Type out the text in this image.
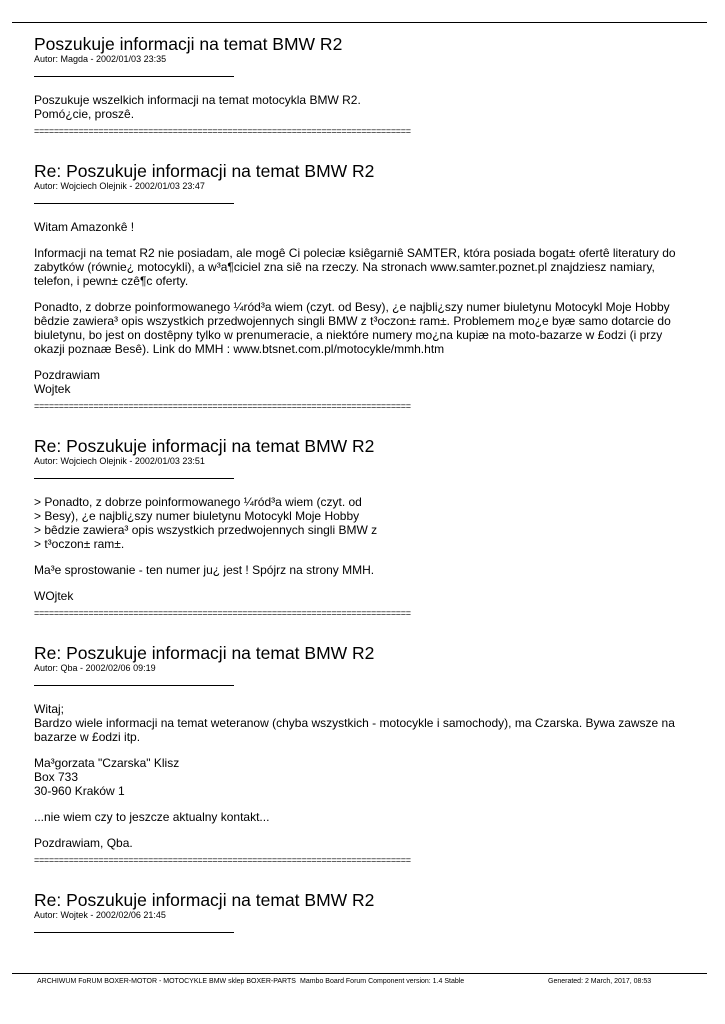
Poszukuje informacji na temat BMW R2
Autor: Magda - 2002/01/03 23:35

Poszukuje wszelkich informacji na temat motocykla BMW R2.
Pomó¿cie, proszê.

============================================================================
Re: Poszukuje informacji na temat BMW R2
Autor: Wojciech Olejnik - 2002/01/03 23:47

Witam Amazonkê !

Informacji na temat R2 nie posiadam, ale mogê Ci poleciæ ksiêgarniê SAMTER, która posiada bogat± ofertê literatury do zabytków (równie¿ motocykli), a w³a¶ciciel zna siê na rzeczy. Na stronach www.samter.poznet.pl znajdziesz namiary, telefon, i pewn± czê¶c oferty.

Ponadto, z dobrze poinformowanego ¼ród³a wiem (czyt. od Besy), ¿e najbli¿szy numer biuletynu Motocykl Moje Hobby bêdzie zawiera³ opis wszystkich przedwojennych singli BMW z t³oczon± ram±. Problemem mo¿e byæ samo dotarcie do biuletynu, bo jest on dostêpny tylko w prenumeracie, a niektóre numery mo¿na kupiæ na moto-bazarze w £odzi (i przy okazji poznaæ Besê). Link do MMH : www.btsnet.com.pl/motocykle/mmh.htm

Pozdrawiam
Wojtek

============================================================================
Re: Poszukuje informacji na temat BMW R2
Autor: Wojciech Olejnik - 2002/01/03 23:51

> Ponadto, z dobrze poinformowanego ¼ród³a wiem (czyt. od
> Besy), ¿e najbli¿szy numer biuletynu Motocykl Moje Hobby
> bêdzie zawiera³ opis wszystkich przedwojennych singli BMW z
> t³oczon± ram±.

Ma³e sprostowanie - ten numer ju¿ jest ! Spójrz na strony MMH.

WOjtek

============================================================================
Re: Poszukuje informacji na temat BMW R2
Autor: Qba - 2002/02/06 09:19

Witaj;
Bardzo wiele informacji na temat weteranow (chyba wszystkich - motocykle i samochody), ma Czarska. Bywa zawsze na bazarze w £odzi itp.

Ma³gorzata "Czarska" Klisz
Box 733
30-960 Kraków 1

...nie wiem czy to jeszcze aktualny kontakt...

Pozdrawiam, Qba.

============================================================================
Re: Poszukuje informacji na temat BMW R2
Autor: Wojtek - 2002/02/06 21:45
ARCHIWUM FoRUM BOXER-MOTOR - MOTOCYKLE BMW sklep BOXER-PARTS Mambo Board Forum Component version: 1.4 Stable	Generated: 2 March, 2017, 08:53
